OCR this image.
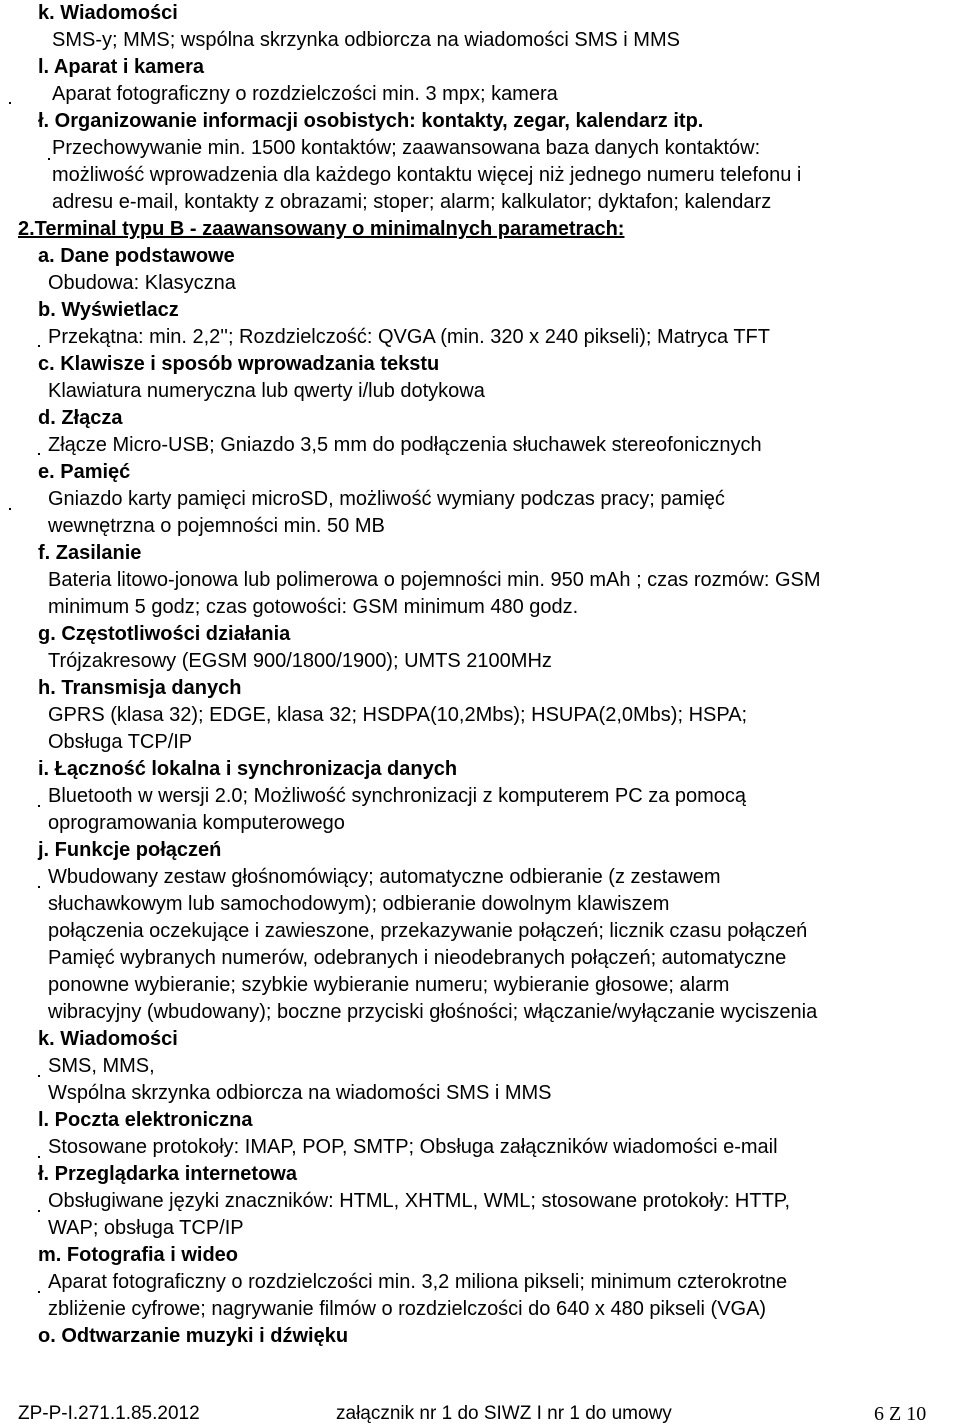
k. Wiadomości
SMS-y; MMS; wspólna skrzynka odbiorcza na wiadomości SMS i MMS
l. Aparat i kamera
Aparat fotograficzny o rozdzielczości min. 3 mpx; kamera
ł. Organizowanie informacji osobistych: kontakty, zegar, kalendarz itp.
Przechowywanie min. 1500 kontaktów; zaawansowana baza danych kontaktów:
możliwość wprowadzenia dla każdego kontaktu więcej niż jednego numeru telefonu i
adresu e-mail, kontakty z obrazami; stoper; alarm; kalkulator; dyktafon; kalendarz
2.Terminal typu B - zaawansowany o minimalnych parametrach:
a. Dane podstawowe
Obudowa: Klasyczna
b. Wyświetlacz
Przekątna: min. 2,2''; Rozdzielczość: QVGA (min. 320 x 240 pikseli); Matryca TFT
c. Klawisze i sposób wprowadzania tekstu
Klawiatura numeryczna lub qwerty i/lub dotykowa
d. Złącza
Złącze Micro-USB; Gniazdo 3,5 mm do podłączenia słuchawek stereofonicznych
e. Pamięć
Gniazdo karty pamięci microSD, możliwość wymiany podczas pracy; pamięć
wewnętrzna o pojemności min. 50 MB
f. Zasilanie
Bateria litowo-jonowa lub polimerowa o pojemności min. 950 mAh ; czas rozmów: GSM
minimum 5 godz; czas gotowości: GSM minimum 480 godz.
g. Częstotliwości działania
Trójzakresowy (EGSM 900/1800/1900); UMTS 2100MHz
h. Transmisja danych
GPRS (klasa 32); EDGE, klasa 32; HSDPA(10,2Mbs); HSUPA(2,0Mbs); HSPA;
Obsługa TCP/IP
i. Łączność lokalna i synchronizacja danych
Bluetooth w wersji 2.0; Możliwość synchronizacji z komputerem PC za pomocą
oprogramowania komputerowego
j. Funkcje połączeń
Wbudowany zestaw głośnomówiący; automatyczne odbieranie (z zestawem
słuchawkowym lub samochodowym); odbieranie dowolnym klawiszem
połączenia oczekujące i zawieszone, przekazywanie połączeń; licznik czasu połączeń
Pamięć wybranych numerów, odebranych i nieodebranych połączeń; automatyczne
ponowne wybieranie; szybkie wybieranie numeru; wybieranie głosowe; alarm
wibracyjny (wbudowany); boczne przyciski głośności; włączanie/wyłączanie wyciszenia
k. Wiadomości
SMS, MMS,
Wspólna skrzynka odbiorcza na wiadomości SMS i MMS
l. Poczta elektroniczna
Stosowane protokoły: IMAP, POP, SMTP; Obsługa załączników wiadomości e-mail
ł. Przeglądarka internetowa
Obsługiwane języki znaczników: HTML, XHTML, WML; stosowane protokoły: HTTP,
WAP; obsługa TCP/IP
m. Fotografia i wideo
Aparat fotograficzny o rozdzielczości min. 3,2 miliona pikseli; minimum czterokrotne
zbliżenie cyfrowe; nagrywanie filmów o rozdzielczości do 640 x 480 pikseli (VGA)
o. Odtwarzanie muzyki i dźwięku
ZP-P-I.271.1.85.2012	załącznik nr 1 do SIWZ I nr 1 do umowy	6 Z 10
